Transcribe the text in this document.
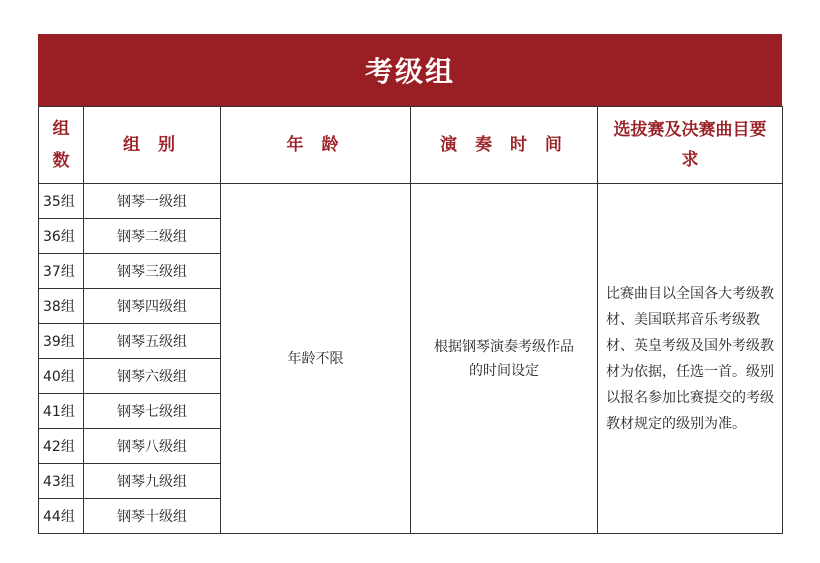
考级组
组
数	组 别	年 龄	演 奏 时 间	选拔赛及决赛曲目要求
35组	钢琴一级组	年龄不限	根据钢琴演奏考级作品的时间设定	比赛曲目以全国各大考级教材、美国联邦音乐考级教材、英皇考级及国外考级教材为依据，任选一首。级别以报名参加比赛提交的考级教材规定的级别为准。
36组	钢琴二级组			
37组	钢琴三级组			
38组	钢琴四级组			
39组	钢琴五级组			
40组	钢琴六级组			
41组	钢琴七级组			
42组	钢琴八级组			
43组	钢琴九级组			
44组	钢琴十级组			
